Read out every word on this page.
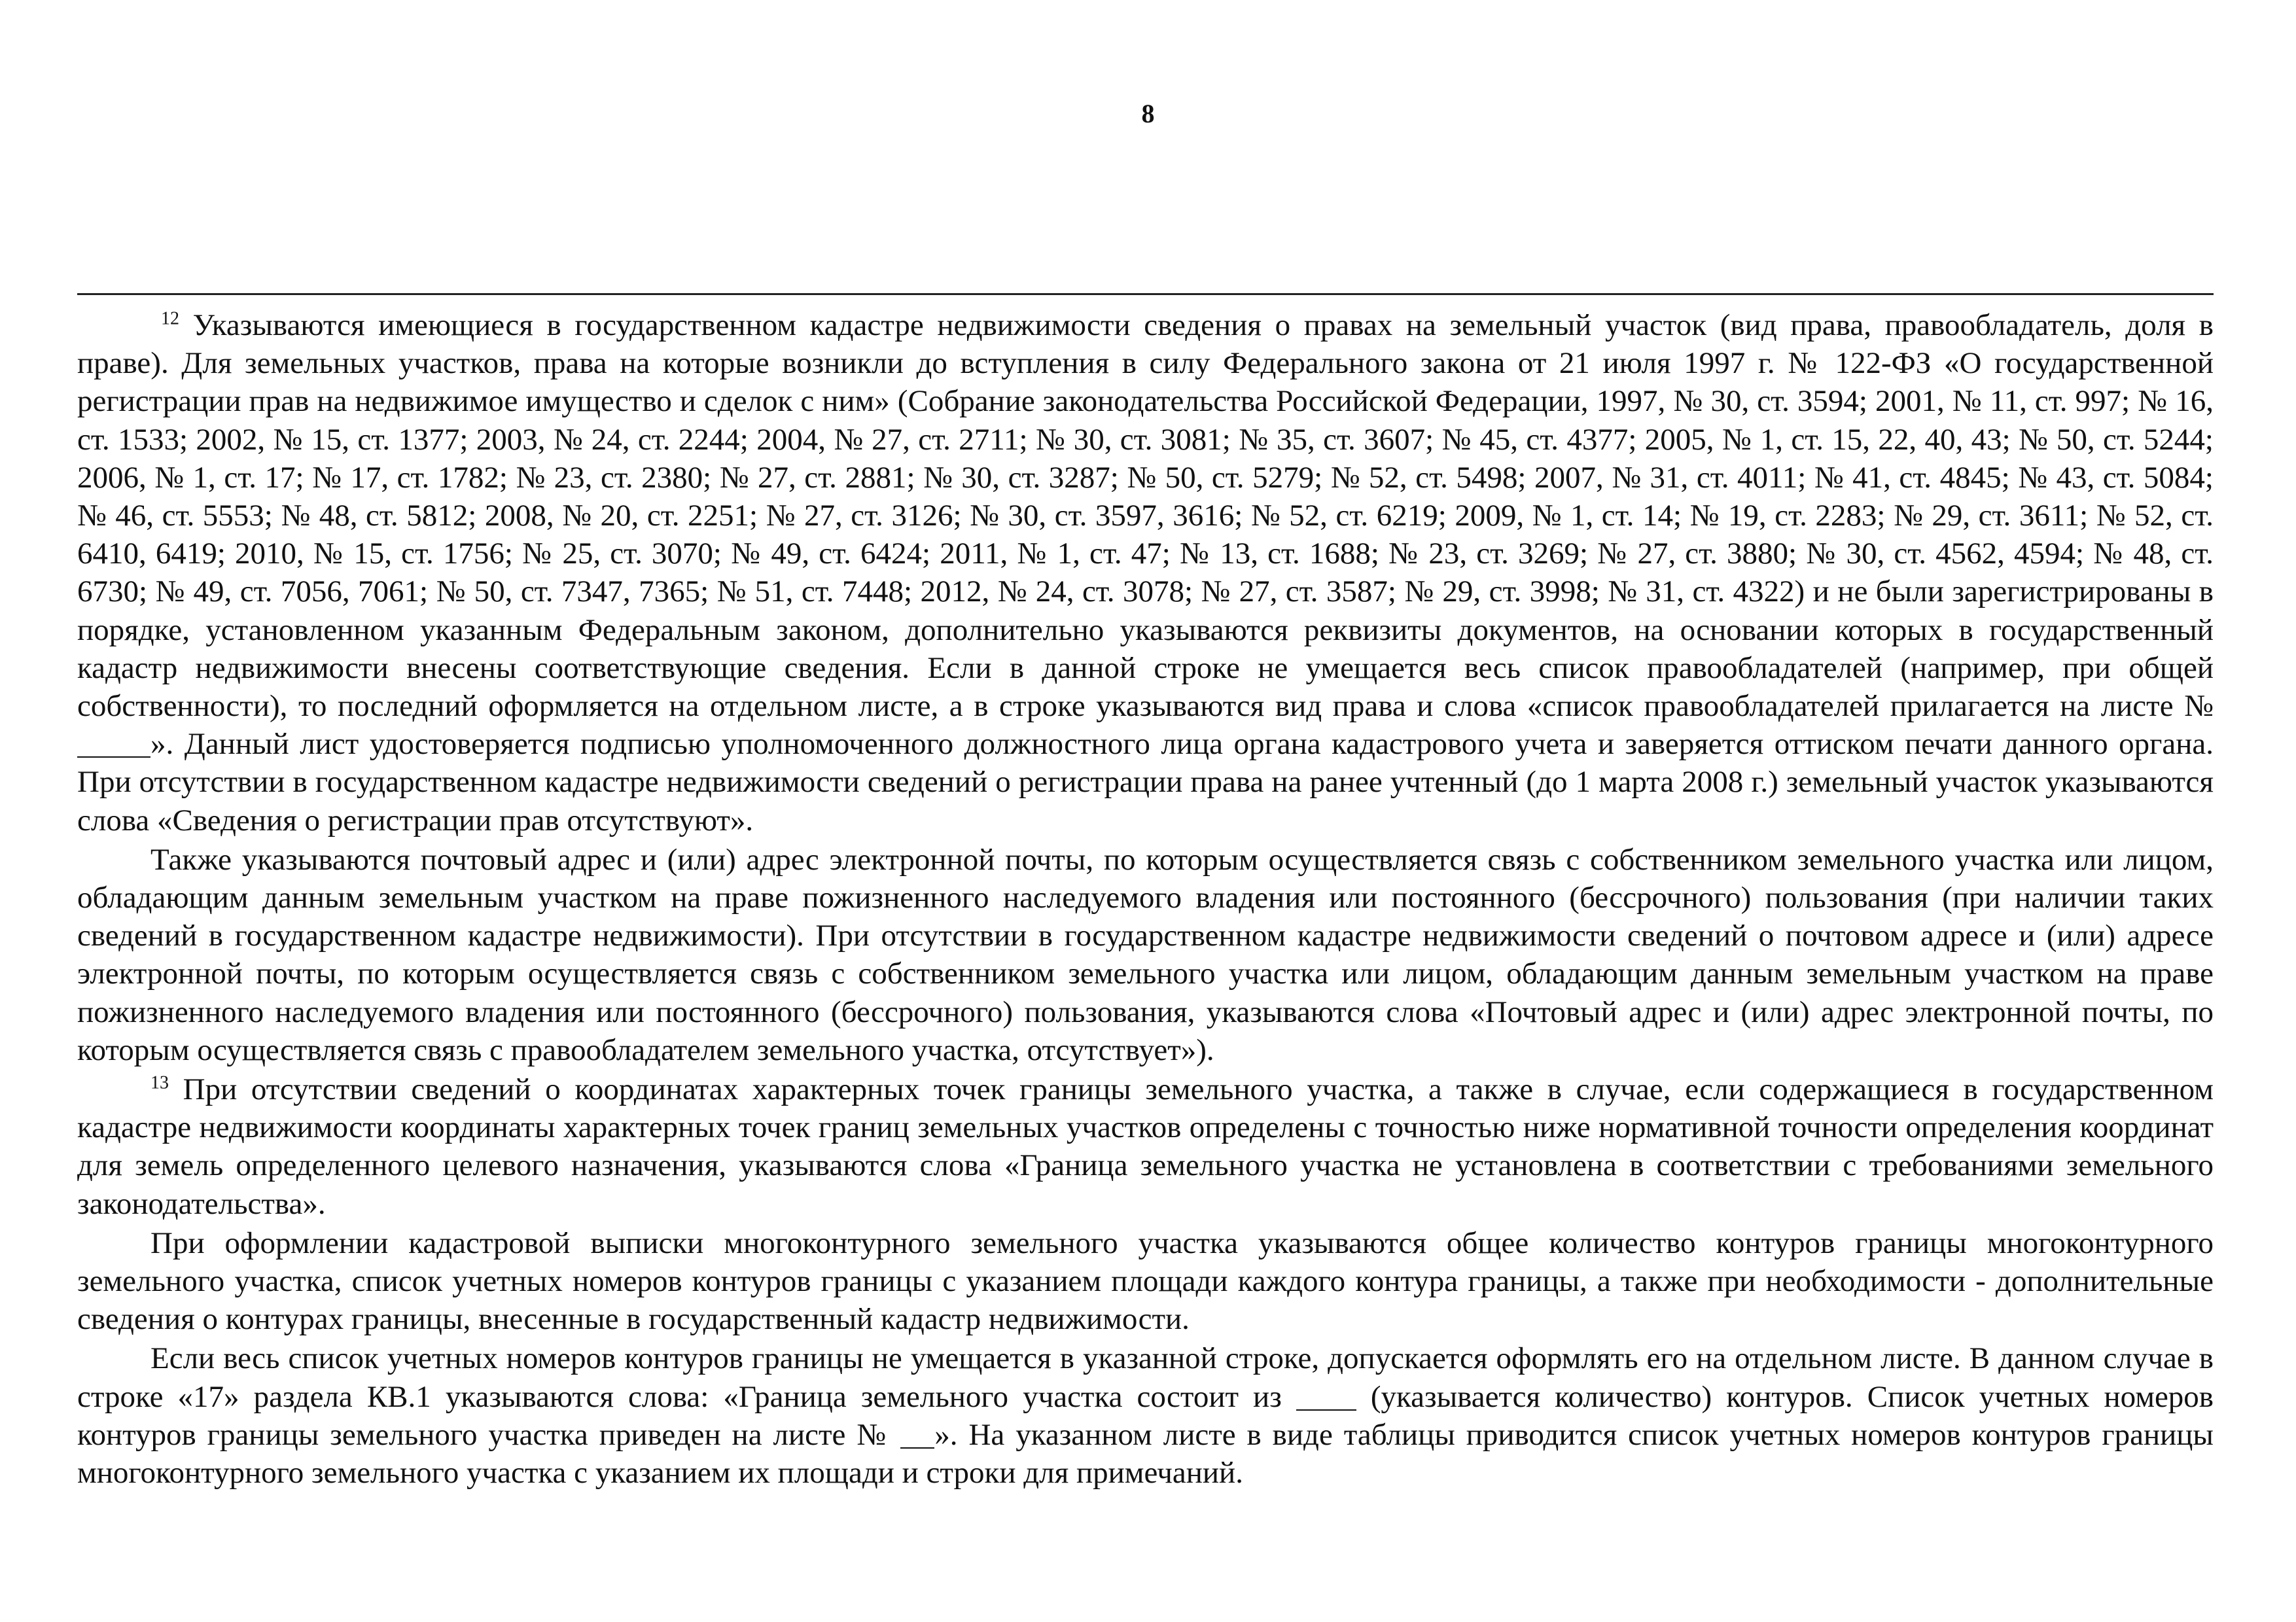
8

$^{12}$ Указываются имеющиеся в государственном кадастре недвижимости сведения о правах на земельный участок (вид права, правообладатель, доля в праве). Для земельных участков, права на которые возникли до вступления в силу Федерального закона от 21 июля 1997 г. № 122-ФЗ «О государственной регистрации прав на недвижимое имущество и сделок с ним» (Собрание законодательства Российской Федерации, 1997, № 30, ст. 3594; 2001, № 11, ст. 997; № 16, ст. 1533; 2002, № 15, ст. 1377; 2003, № 24, ст. 2244; 2004, № 27, ст. 2711; № 30, ст. 3081; № 35, ст. 3607; № 45, ст. 4377; 2005, № 1, ст. 15, 22, 40, 43; № 50, ст. 5244; 2006, № 1, ст. 17; № 17, ст. 1782; № 23, ст. 2380; № 27, ст. 2881; № 30, ст. 3287; № 50, ст. 5279; № 52, ст. 5498; 2007, № 31, ст. 4011; № 41, ст. 4845; № 43, ст. 5084; № 46, ст. 5553; № 48, ст. 5812; 2008, № 20, ст. 2251; № 27, ст. 3126; № 30, ст. 3597, 3616; № 52, ст. 6219; 2009, № 1, ст. 14; № 19, ст. 2283; № 29, ст. 3611; № 52, ст. 6410, 6419; 2010, № 15, ст. 1756; № 25, ст. 3070; № 49, ст. 6424; 2011, № 1, ст. 47; № 13, ст. 1688; № 23, ст. 3269; № 27, ст. 3880; № 30, ст. 4562, 4594; № 48, ст. 6730; № 49, ст. 7056, 7061; № 50, ст. 7347, 7365; № 51, ст. 7448; 2012, № 24, ст. 3078; № 27, ст. 3587; № 29, ст. 3998; № 31, ст. 4322) и не были зарегистрированы в порядке, установленном указанным Федеральным законом, дополнительно указываются реквизиты документов, на основании которых в государственный кадастр недвижимости внесены соответствующие сведения. Если в данной строке не умещается весь список правообладателей (например, при общей собственности), то последний оформляется на отдельном листе, а в строке указываются вид права и слова «список правообладателей прилагается на листе № ». Данный лист удостоверяется подписью уполномоченного должностного лица органа кадастрового учета и заверяется оттиском печати данного органа. При отсутствии в государственном кадастре недвижимости сведений о регистрации права на ранее учтенный (до 1 марта 2008 г.) земельный участок указываются слова «Сведения о регистрации прав отсутствуют».

Также указываются почтовый адрес и (или) адрес электронной почты, по которым осуществляется связь с собственником земельного участка или лицом, обладающим данным земельным участком на праве пожизненного наследуемого владения или постоянного (бессрочного) пользования (при наличии таких сведений в государственном кадастре недвижимости). При отсутствии в государственном кадастре недвижимости сведений о почтовом адресе и (или) адресе электронной почты, по которым осуществляется связь с собственником земельного участка или лицом, обладающим данным земельным участком на праве пожизненного наследуемого владения или постоянного (бессрочного) пользования, указываются слова «Почтовый адрес и (или) адрес электронной почты, по которым осуществляется связь с правообладателем земельного участка, отсутствует»).

$^{13}$ При отсутствии сведений о координатах характерных точек границы земельного участка, а также в случае, если содержащиеся в государственном кадастре недвижимости координаты характерных точек границ земельных участков определены с точностью ниже нормативной точности определения координат для земель определенного целевого назначения, указываются слова «Граница земельного участка не установлена в соответствии с требованиями земельного законодательства».

При оформлении кадастровой выписки многоконтурного земельного участка указываются общее количество контуров границы многоконтурного земельного участка, список учетных номеров контуров границы с указанием площади каждого контура границы, а также при необходимости - дополнительные сведения о контурах границы, внесенные в государственный кадастр недвижимости.

Если весь список учетных номеров контуров границы не умещается в указанной строке, допускается оформлять его на отдельном листе. В данном случае в строке «17» раздела КВ.1 указываются слова: «Граница земельного участка состоит из	(указывается количество) контуров. Список учетных номеров контуров границы земельного участка приведен на листе № ». На указанном листе в виде таблицы приводится список учетных номеров контуров границы многоконтурного земельного участка с указанием их площади и строки для примечаний.
